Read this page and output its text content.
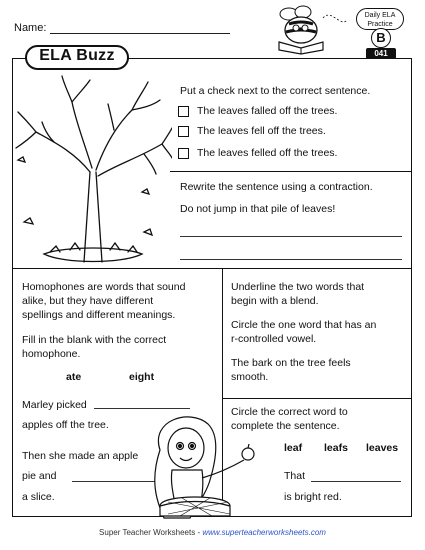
Name:
Daily ELA
Practice
B
041
ELA Buzz
Put a check next to the correct sentence.
The leaves falled off the trees.
The leaves fell off the trees.
The leaves felled off the trees.
Rewrite the sentence using a contraction.
Do not jump in that pile of leaves!
Homophones are words that sound
alike, but they have different
spellings and different meanings.
Fill in the blank with the correct
homophone.
ate	eight
Marley picked
apples off the tree.
Then she made an apple
pie and
a slice.
Underline the two words that
begin with a blend.
Circle the one word that has an
r-controlled vowel.
The bark on the tree feels
smooth.
Circle the correct word to
complete the sentence.
leaf leafs leaves
That
is bright red.
Super Teacher Worksheets - www.superteacherworksheets.com
